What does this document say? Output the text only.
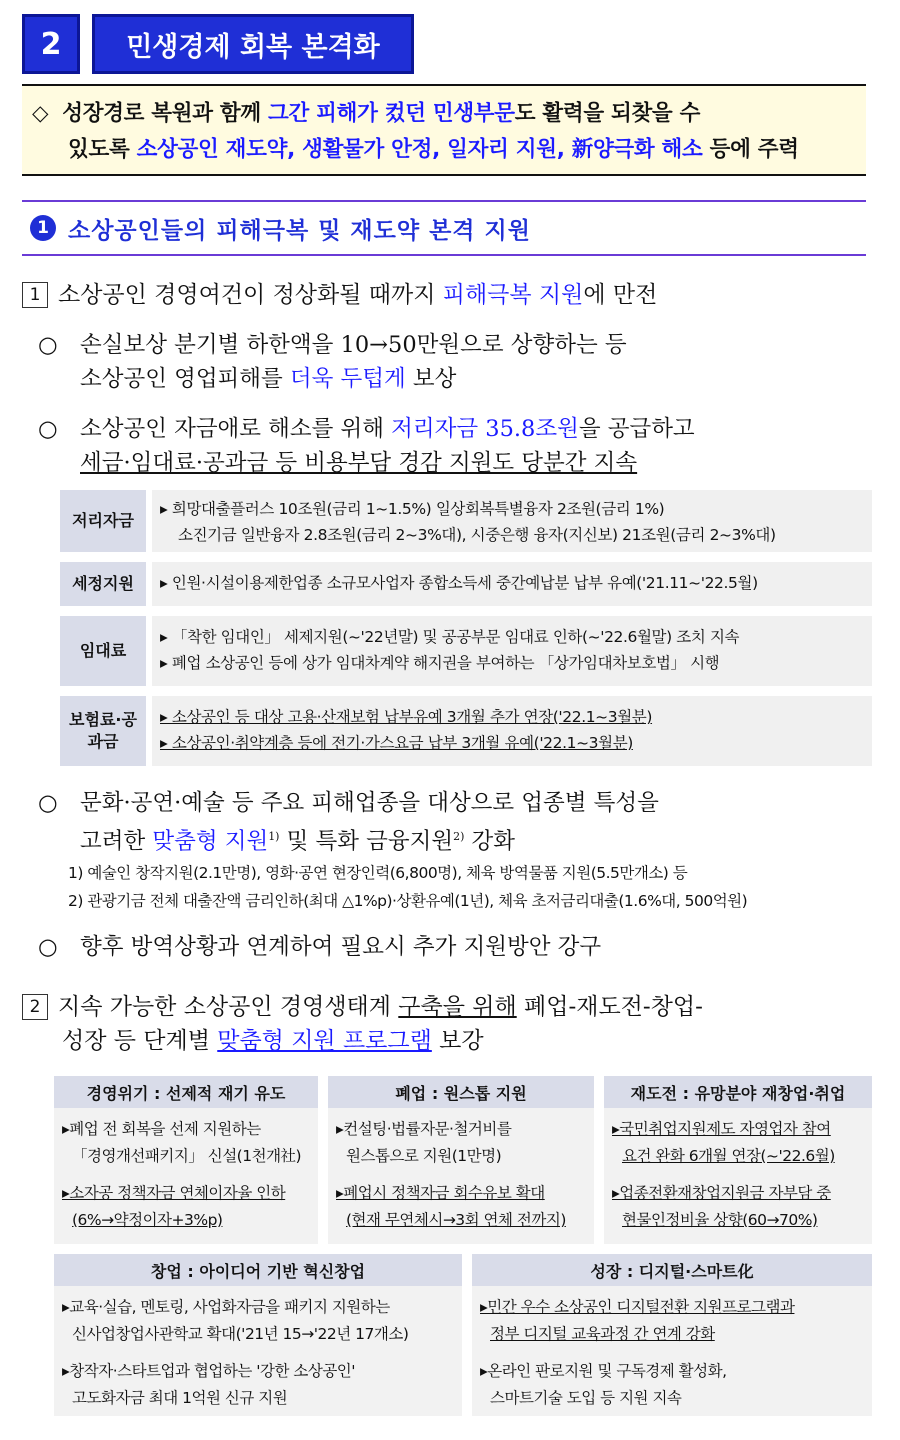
2	민생경제 회복 본격화
◇ 성장경로 복원과 함께 그간 피해가 컸던 민생부문도 활력을 되찾을 수
있도록 소상공인 재도약, 생활물가 안정, 일자리 지원, 新양극화 해소 등에 주력
1 소상공인들의 피해극복 및 재도약 본격 지원
1 소상공인 경영여건이 정상화될 때까지 피해극복 지원에 만전
○ 손실보상 분기별 하한액을 10→50만원으로 상향하는 등
소상공인 영업피해를 더욱 두텁게 보상
○ 소상공인 자금애로 해소를 위해 저리자금 35.8조원을 공급하고
세금·임대료·공과금 등 비용부담 경감 지원도 당분간 지속
저리자금
▸ 희망대출플러스 10조원(금리 1~1.5%) 일상회복특별융자 2조원(금리 1%)
소진기금 일반융자 2.8조원(금리 2~3%대), 시중은행 융자(지신보) 21조원(금리 2~3%대)
세정지원	▸ 인원·시설이용제한업종 소규모사업자 종합소득세 중간예납분 납부 유예('21.11~'22.5월)
임대료
▸ 「착한 임대인」 세제지원(~'22년말) 및 공공부문 임대료 인하(~'22.6월말) 조치 지속
▸ 폐업 소상공인 등에 상가 임대차계약 해지권을 부여하는 「상가임대차보호법」 시행
보험료·공과금
▸ 소상공인 등 대상 고용·산재보험 납부유예 3개월 추가 연장('22.1~3월분)
▸ 소상공인·취약계층 등에 전기·가스요금 납부 3개월 유예('22.1~3월분)
○ 문화·공연·예술 등 주요 피해업종을 대상으로 업종별 특성을
고려한 맞춤형 지원$^{1)}$ 및 특화 금융지원$^{2)}$ 강화
1) 예술인 창작지원(2.1만명), 영화·공연 현장인력(6,800명), 체육 방역물품 지원(5.5만개소) 등
2) 관광기금 전체 대출잔액 금리인하(최대 △1%p)·상환유예(1년), 체육 초저금리대출(1.6%대, 500억원)
○ 향후 방역상황과 연계하여 필요시 추가 지원방안 강구
2 지속 가능한 소상공인 경영생태계 구축을 위해 폐업-재도전-창업-
성장 등 단계별 맞춤형 지원 프로그램 보강
경영위기 : 선제적 재기 유도
▸폐업 전 회복을 선제 지원하는
「경영개선패키지」 신설(1천개社)
▸소자공 정책자금 연체이자율 인하
(6%→약정이자+3%p)
폐업 : 원스톱 지원
▸컨설팅·법률자문·철거비를
원스톱으로 지원(1만명)
▸폐업시 정책자금 회수유보 확대
(현재 무연체시→3회 연체 전까지)
재도전 : 유망분야 재창업·취업
▸국민취업지원제도 자영업자 참여
요건 완화 6개월 연장(~'22.6월)
▸업종전환재창업지원금 자부담 중
현물인정비율 상향(60→70%)
창업 : 아이디어 기반 혁신창업
▸교육·실습, 멘토링, 사업화자금을 패키지 지원하는
신사업창업사관학교 확대('21년 15→'22년 17개소)
▸창작자·스타트업과 협업하는 '강한 소상공인'
고도화자금 최대 1억원 신규 지원
성장 : 디지털·스마트化
▸민간 우수 소상공인 디지털전환 지원프로그램과
정부 디지털 교육과정 간 연계 강화
▸온라인 판로지원 및 구독경제 활성화,
스마트기술 도입 등 지원 지속
